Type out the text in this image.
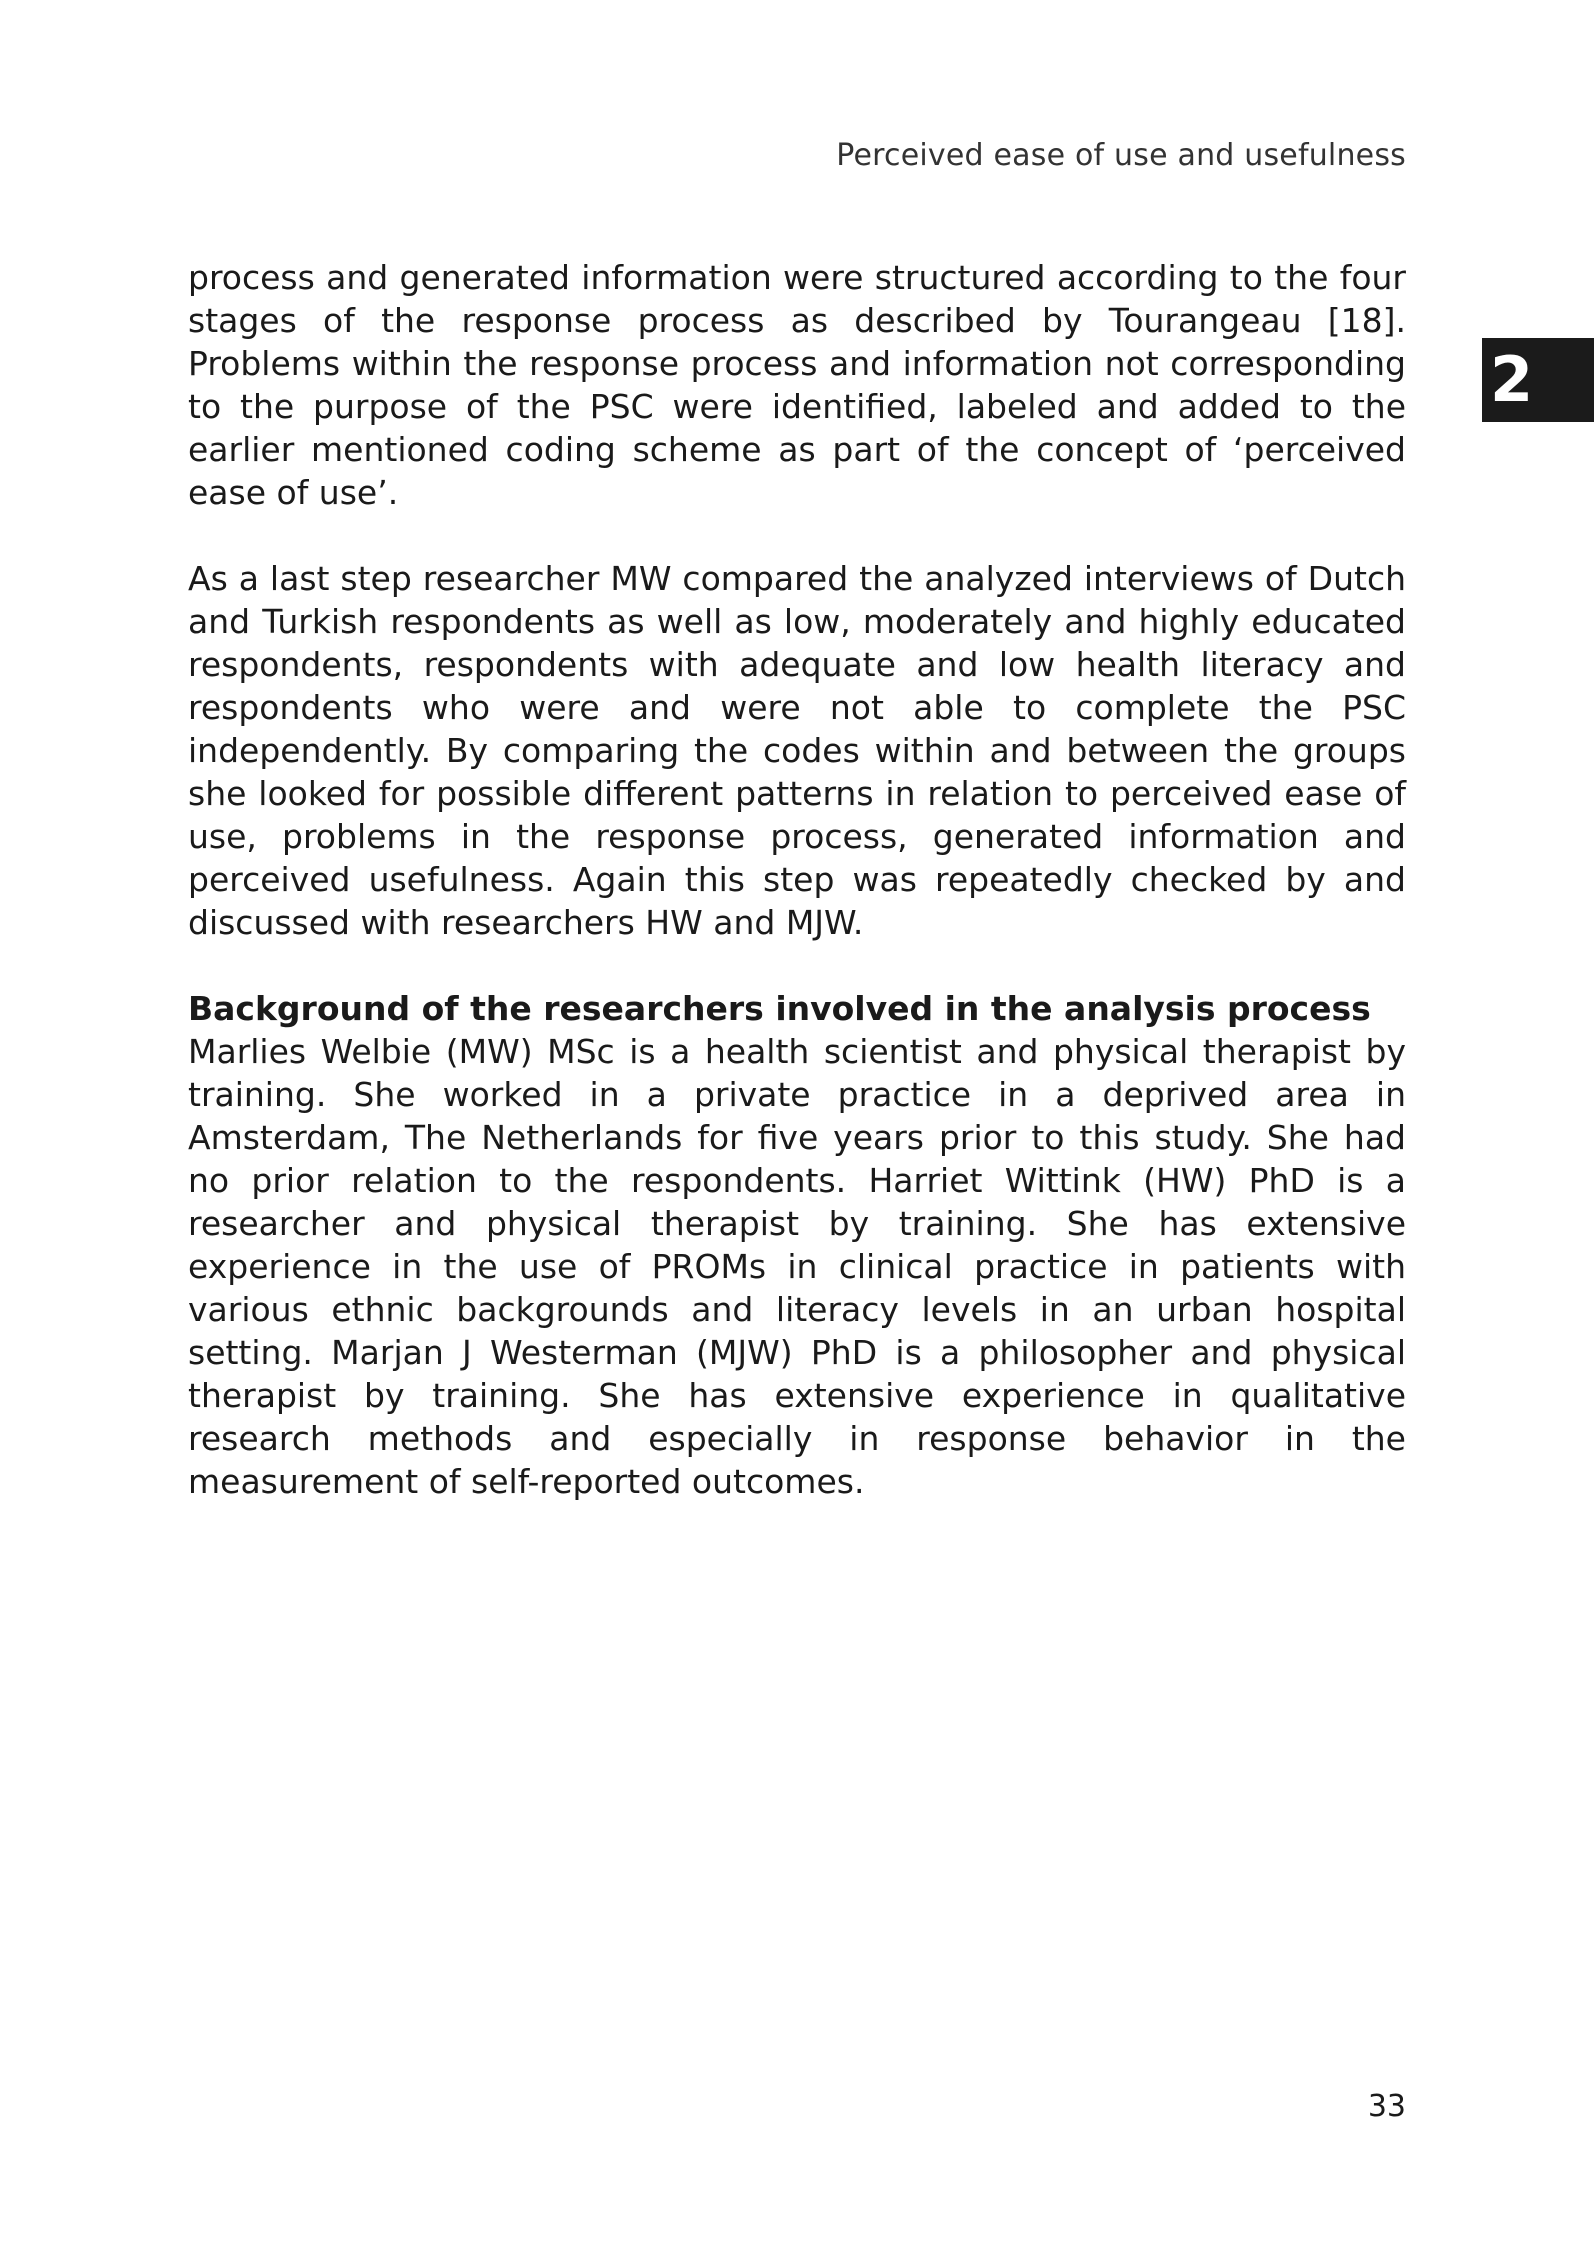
Perceived ease of use and usefulness
2

process and generated information were structured according to the four stages of the response process as described by Tourangeau [18]. Problems within the response process and information not corresponding to the purpose of the PSC were identified, labeled and added to the earlier mentioned coding scheme as part of the concept of ‘perceived ease of use’.

As a last step researcher MW compared the analyzed interviews of Dutch and Turkish respondents as well as low, moderately and highly educated respondents, respondents with adequate and low health literacy and respondents who were and were not able to complete the PSC independently. By comparing the codes within and between the groups she looked for possible different patterns in relation to perceived ease of use, problems in the response process, generated information and perceived usefulness. Again this step was repeatedly checked by and discussed with researchers HW and MJW.

Background of the researchers involved in the analysis process

Marlies Welbie (MW) MSc is a health scientist and physical therapist by training. She worked in a private practice in a deprived area in Amsterdam, The Netherlands for five years prior to this study. She had no prior relation to the respondents. Harriet Wittink (HW) PhD is a researcher and physical therapist by training. She has extensive experience in the use of PROMs in clinical practice in patients with various ethnic backgrounds and literacy levels in an urban hospital setting. Marjan J Westerman (MJW) PhD is a philosopher and physical therapist by training. She has extensive experience in qualitative research methods and especially in response behavior in the measurement of self-reported outcomes.

33
